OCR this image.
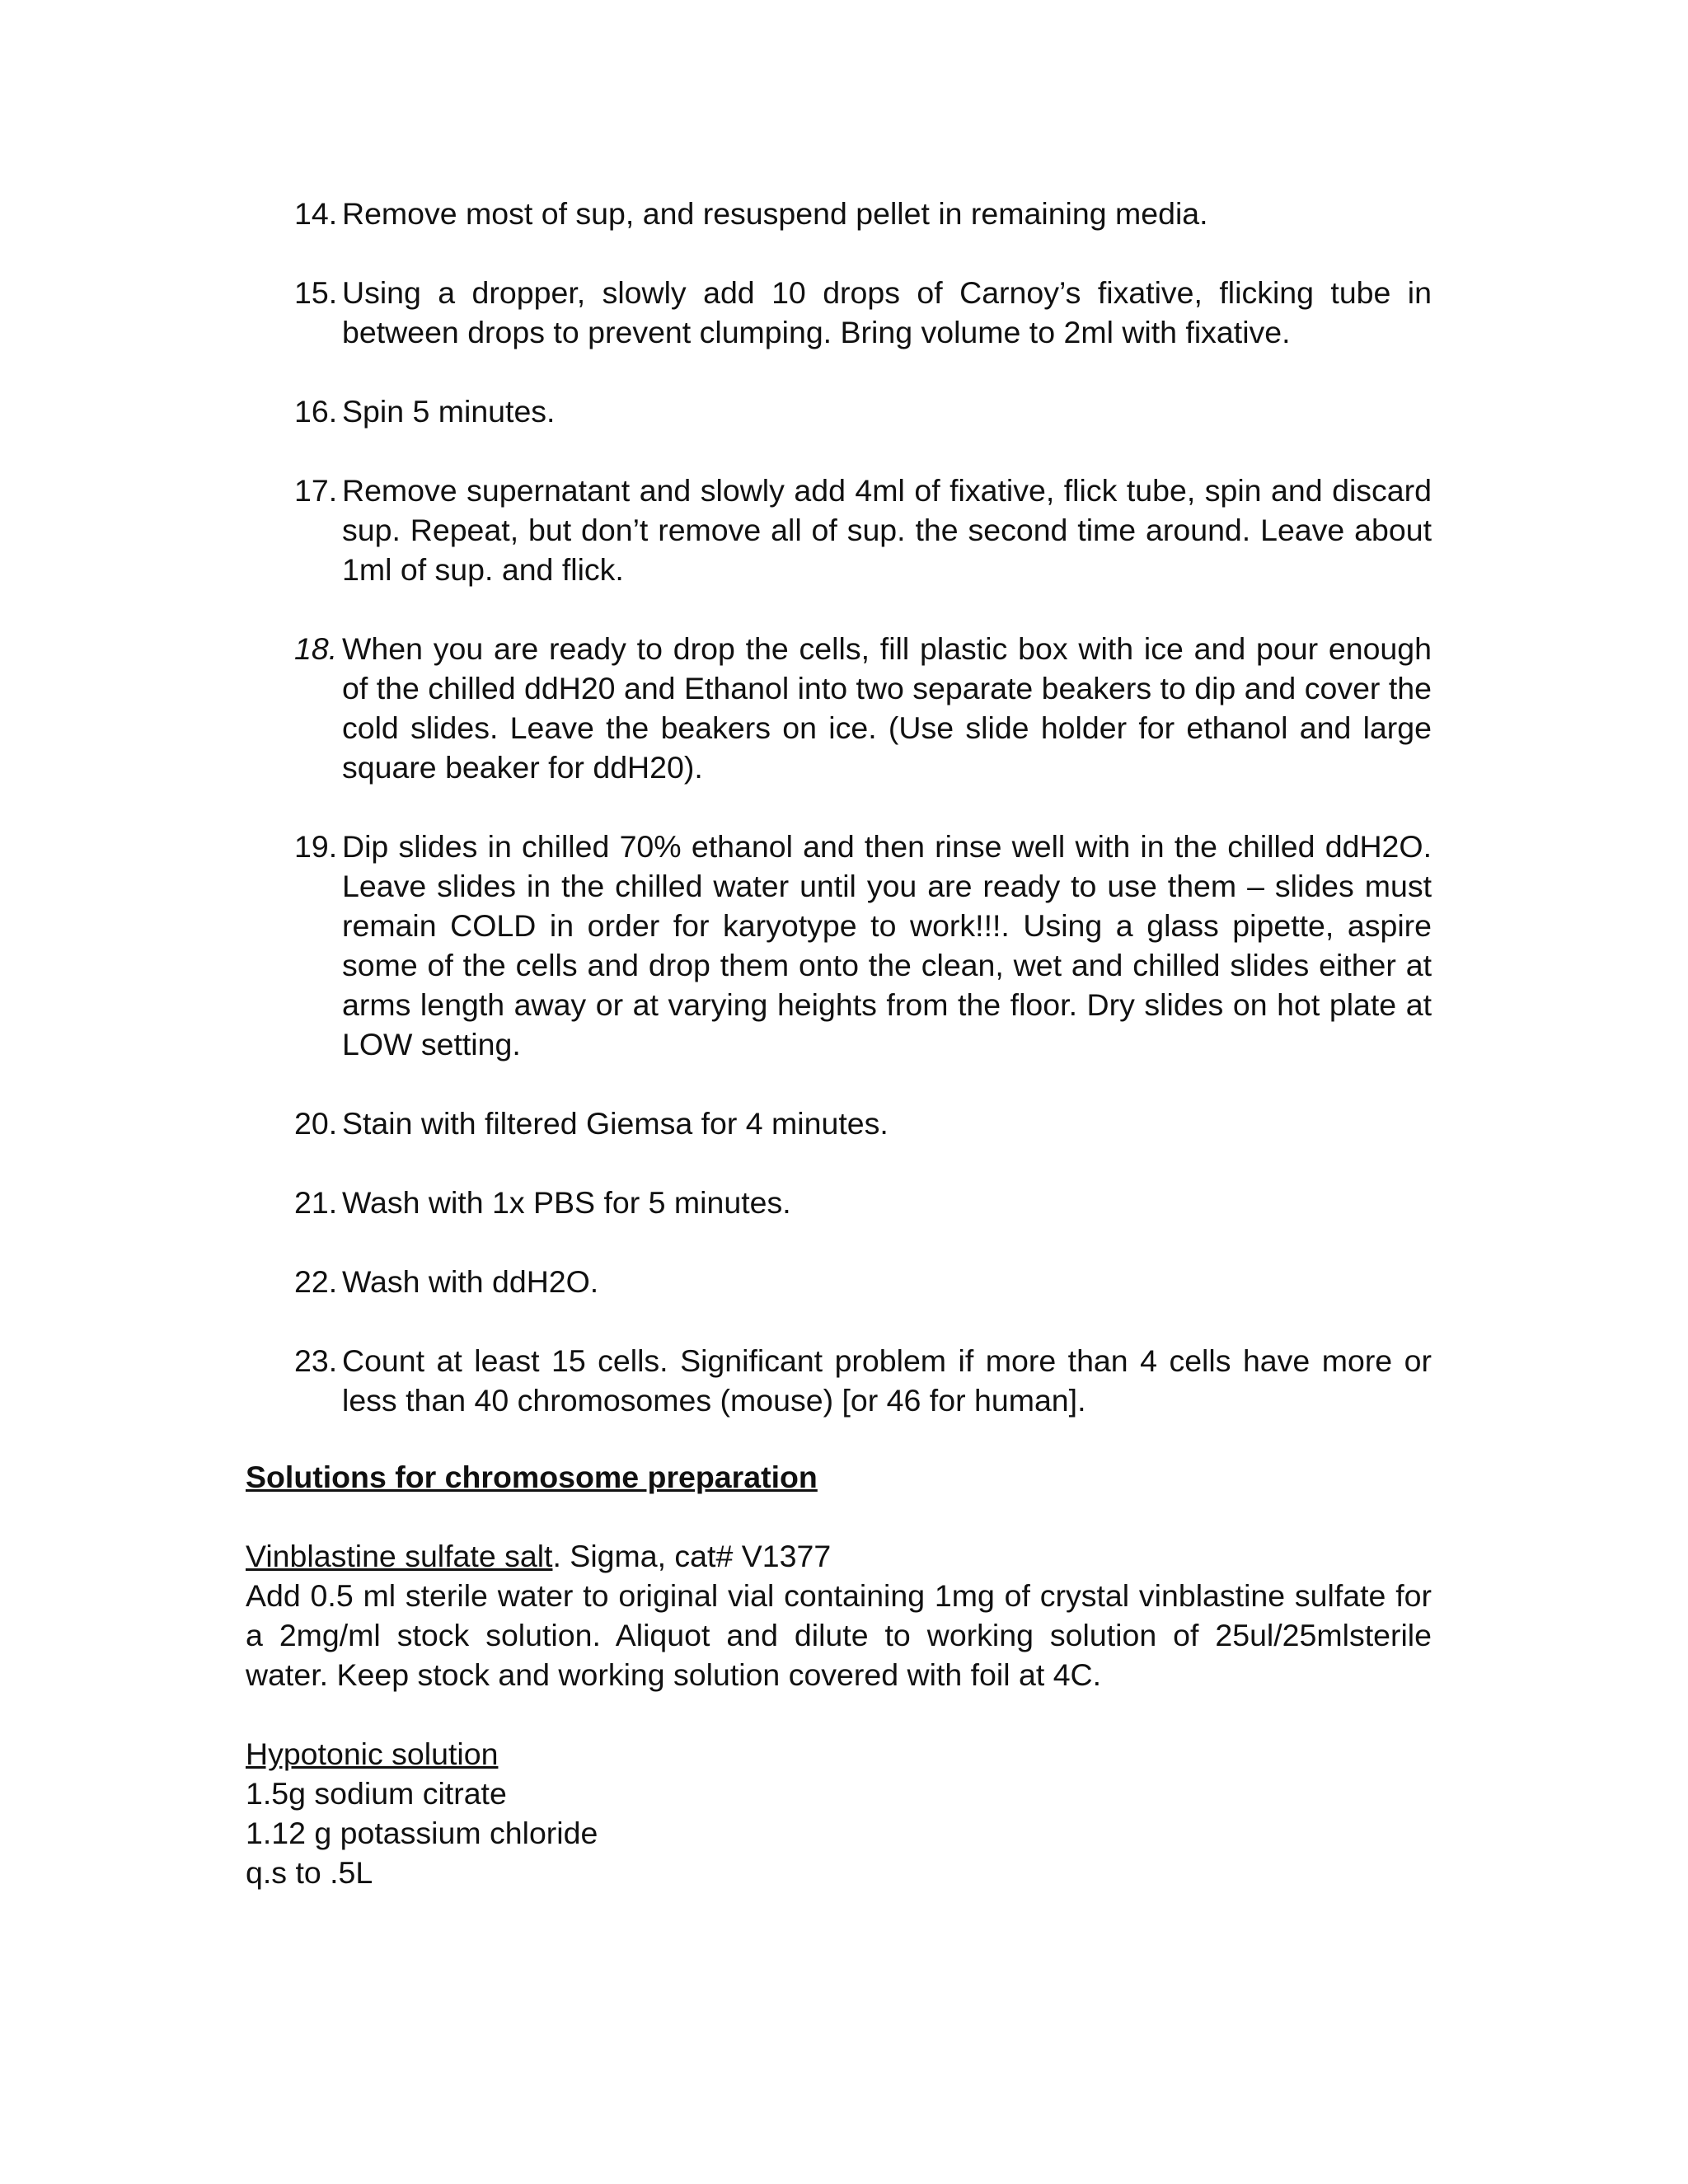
14. Remove most of sup, and resuspend pellet in remaining media.
15. Using a dropper, slowly add 10 drops of Carnoy’s fixative, flicking tube in between drops to prevent clumping. Bring volume to 2ml with fixative.
16. Spin 5 minutes.
17. Remove supernatant and slowly add 4ml of fixative, flick tube, spin and discard sup. Repeat, but don’t remove all of sup. the second time around. Leave about 1ml of sup. and flick.
18. When you are ready to drop the cells, fill plastic box with ice and pour enough of the chilled ddH20 and Ethanol into two separate beakers to dip and cover the cold slides. Leave the beakers on ice. (Use slide holder for ethanol and large square beaker for ddH20).
19. Dip slides in chilled 70% ethanol and then rinse well with in the chilled ddH2O. Leave slides in the chilled water until you are ready to use them – slides must remain COLD in order for karyotype to work!!!. Using a glass pipette, aspire some of the cells and drop them onto the clean, wet and chilled slides either at arms length away or at varying heights from the floor. Dry slides on hot plate at LOW setting.
20. Stain with filtered Giemsa for 4 minutes.
21. Wash with 1x PBS for 5 minutes.
22. Wash with ddH2O.
23. Count at least 15 cells. Significant problem if more than 4 cells have more or less than 40 chromosomes (mouse) [or 46 for human].
Solutions for chromosome preparation
Vinblastine sulfate salt. Sigma, cat# V1377
Add 0.5 ml sterile water to original vial containing 1mg of crystal vinblastine sulfate for a 2mg/ml stock solution. Aliquot and dilute to working solution of 25ul/25mlsterile water. Keep stock and working solution covered with foil at 4C.
Hypotonic solution
1.5g sodium citrate
1.12 g potassium chloride
q.s to .5L
